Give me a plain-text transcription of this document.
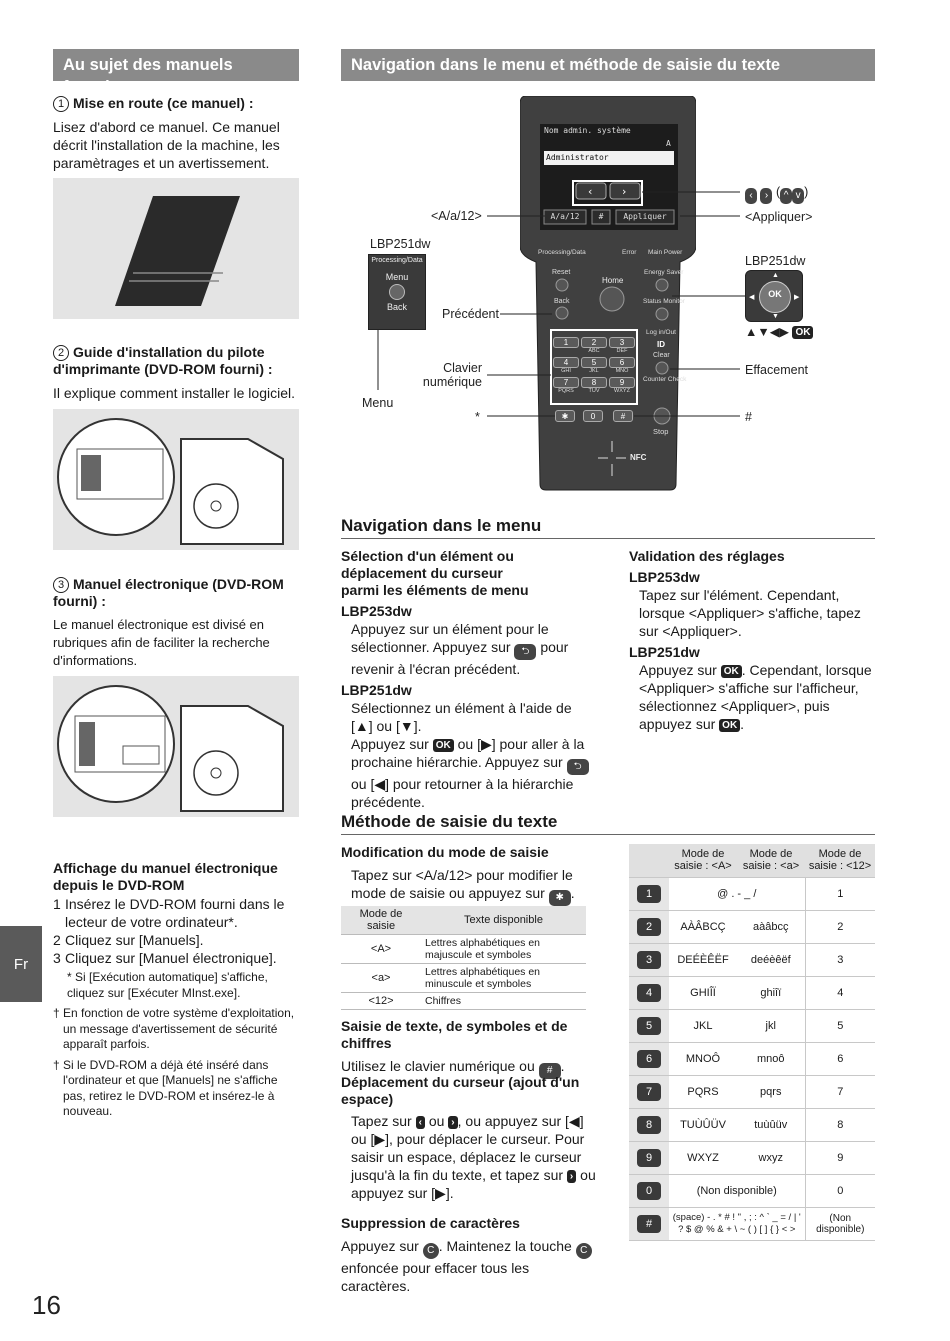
Au sujet des manuels fournis
1 Mise en route (ce manuel) :
Lisez d'abord ce manuel. Ce manuel décrit l'installation de la machine, les paramètrages et un avertissement.
2 Guide d'installation du pilote d'imprimante (DVD-ROM fourni) :
Il explique comment installer le logiciel.
3 Manuel électronique (DVD-ROM fourni) :
Le manuel électronique est divisé en rubriques afin de faciliter la recherche d'informations.
Affichage du manuel électronique depuis le DVD-ROM
1 Insérez le DVD-ROM fourni dans le lecteur de votre ordinateur*.
2 Cliquez sur [Manuels].
3 Cliquez sur [Manuel électronique].
* Si [Exécution automatique] s'affiche, cliquez sur [Exécuter MInst.exe].
† En fonction de votre système d'exploitation, un message d'avertissement de sécurité apparaît parfois.
† Si le DVD-ROM a déjà été inséré dans l'ordinateur et que [Manuels] ne s'affiche pas, retirez le DVD-ROM et insérez-le à nouveau.
Fr
16
Navigation dans le menu et méthode de saisie du texte
‹	›
Nom admin. système
A
Administrator
A/a/12	#	Appliquer
Processing/Data	Error Main Power
Reset
Home
Energy Saver
Back	Status Monitor
Log in/Out
ID
Clear
Counter Check
Stop
NFC
1	2
ABC
3
DEF
4
GHI
5
JKL
6
MNO
7
PQRS
8
TUV
9
WXYZ
0
✱	#
<A/a/12>	<Appliquer>
‹ › ( ^ v )
LBP251dw
LBP251dw
Précédent
Clavier numérique
Menu
*
Effacement
#
▲▼◀▶ OK
Processing/Data
Menu
Back
OK
▲
▼
◀	▶
Navigation dans le menu
Sélection d'un élément ou déplacement du curseur parmi les éléments de menu
LBP253dw
Appuyez sur un élément pour le sélectionner. Appuyez sur ⮌ pour revenir à l'écran précédent.
LBP251dw
Sélectionnez un élément à l'aide de [▲] ou [▼].
Appuyez sur OK ou [▶] pour aller à la prochaine hiérarchie. Appuyez sur ⮌ ou [◀] pour retourner à la hiérarchie précédente.
Validation des réglages
LBP253dw
Tapez sur l'élément. Cependant, lorsque <Appliquer> s'affiche, tapez sur <Appliquer>.
LBP251dw
Appuyez sur OK . Cependant, lorsque <Appliquer> s'affiche sur l'afficheur, sélectionnez <Appliquer>, puis appuyez sur OK .
Méthode de saisie du texte
Modification du mode de saisie
Tapez sur <A/a/12> pour modifier le mode de saisie ou appuyez sur ✱ .
Mode de saisie	Texte disponible
<A>	Lettres alphabétiques en majuscule et symboles
<a>	Lettres alphabétiques en minuscule et symboles
<12>	Chiffres
Saisie de texte, de symboles et de chiffres
Utilisez le clavier numérique ou # .
Déplacement du curseur (ajout d'un espace)
Tapez sur ‹ ou › , ou appuyez sur [◀] ou [▶], pour déplacer le curseur. Pour saisir un espace, déplacez le curseur jusqu'à la fin du texte, et tapez sur › ou appuyez sur [▶].
Suppression de caractères
Appuyez sur C . Maintenez la touche C enfoncée pour effacer tous les caractères.
	Mode de saisie : <A>	Mode de saisie : <a>	Mode de saisie : <12>
1	@ . - _ /		1
2	AÀÂBCÇ	aàâbcç	2
3	DEÉÈÊËF	deéèêëf	3
4	GHIÎÏ	ghiîï	4
5	JKL	jkl	5
6	MNOÔ	mnoô	6
7	PQRS	pqrs	7
8	TUÙÛÜV	tuùûüv	8
9	WXYZ	wxyz	9
0	(Non disponible)		0
#	(space) - . * # ! " , ; : ^ ` _ = / | ' ? $ @ % & + \ ~ ( ) [ ] { } < >		(Non disponible)
